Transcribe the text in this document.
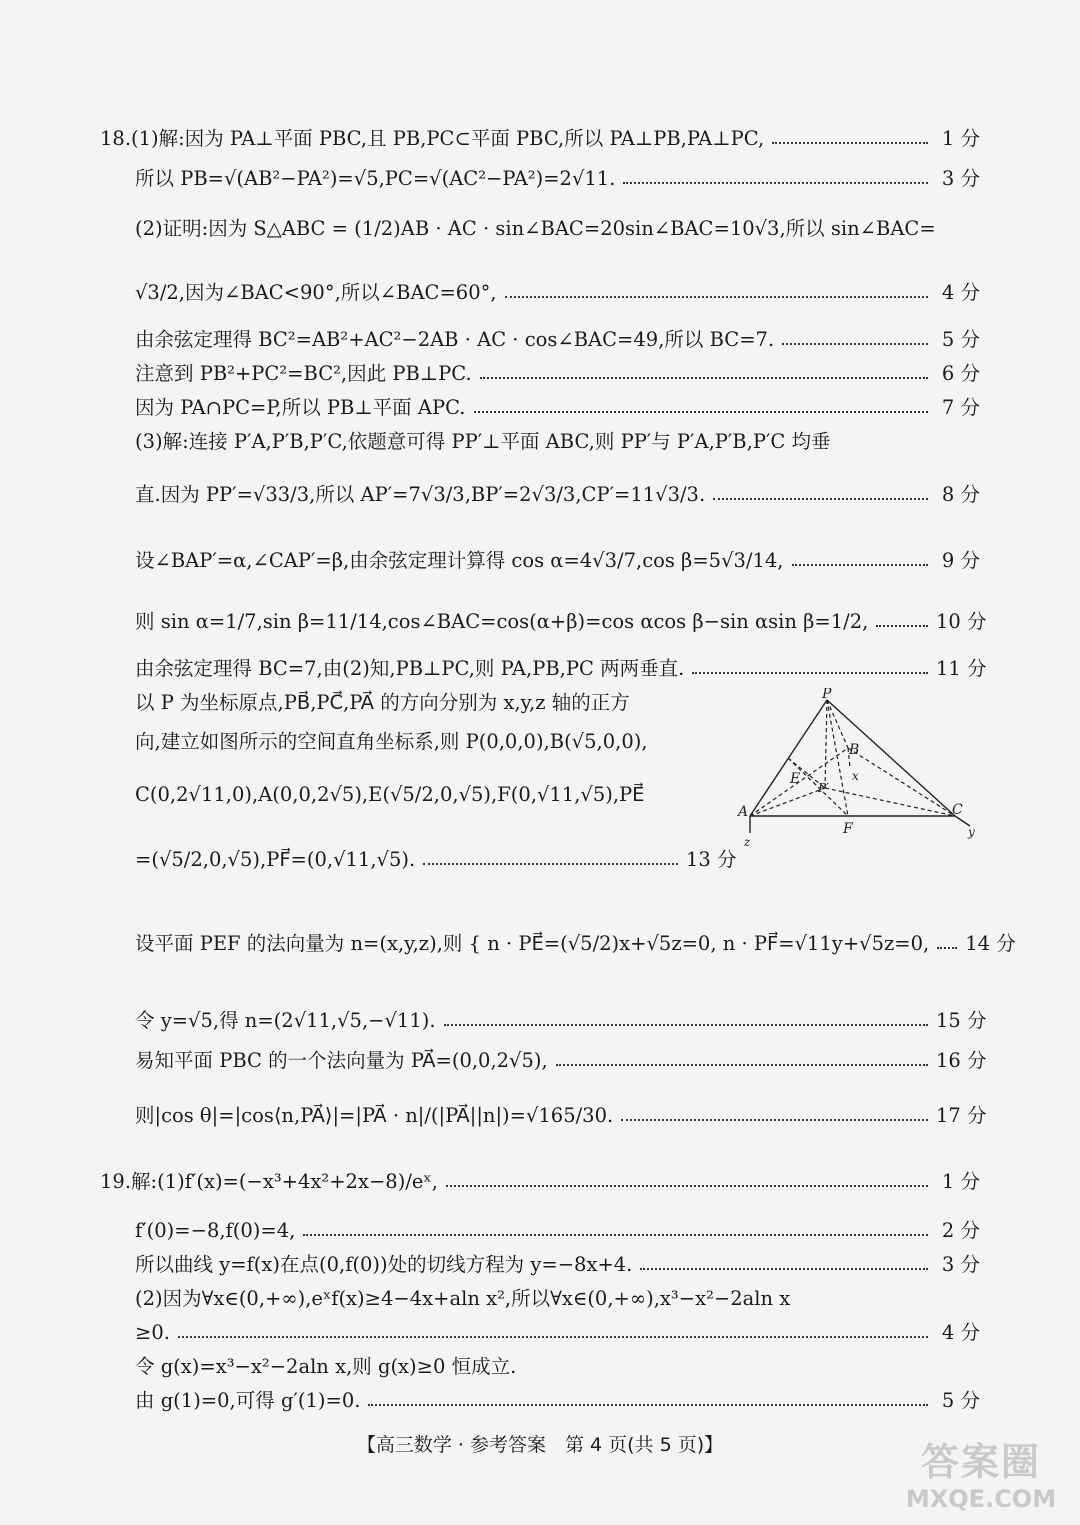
18.(1)解:因为 PA⊥平面 PBC,且 PB,PC⊂平面 PBC,所以 PA⊥PB,PA⊥PC,	1 分
所以 PB=√(AB²−PA²)=√5,PC=√(AC²−PA²)=2√11.	3 分
(2)证明:因为 S△ABC = (1/2)AB · AC · sin∠BAC=20sin∠BAC=10√3,所以 sin∠BAC=
√3/2,因为∠BAC<90°,所以∠BAC=60°,	4 分
由余弦定理得 BC²=AB²+AC²−2AB · AC · cos∠BAC=49,所以 BC=7.	5 分
注意到 PB²+PC²=BC²,因此 PB⊥PC.	6 分
因为 PA∩PC=P,所以 PB⊥平面 APC.	7 分
(3)解:连接 P′A,P′B,P′C,依题意可得 PP′⊥平面 ABC,则 PP′与 P′A,P′B,P′C 均垂
直.因为 PP′=√33/3,所以 AP′=7√3/3,BP′=2√3/3,CP′=11√3/3.	8 分
设∠BAP′=α,∠CAP′=β,由余弦定理计算得 cos α=4√3/7,cos β=5√3/14,	9 分
则 sin α=1/7,sin β=11/14,cos∠BAC=cos(α+β)=cos αcos β−sin αsin β=1/2,	10 分
由余弦定理得 BC=7,由(2)知,PB⊥PC,则 PA,PB,PC 两两垂直.	11 分
以 P 为坐标原点,PB⃗,PC⃗,PA⃗ 的方向分别为 x,y,z 轴的正方
向,建立如图所示的空间直角坐标系,则 P(0,0,0),B(√5,0,0),
C(0,2√11,0),A(0,0,2√5),E(√5/2,0,√5),F(0,√11,√5),PE⃗
=(√5/2,0,√5),PF⃗=(0,√11,√5).	13 分
设平面 PEF 的法向量为 n=(x,y,z),则 { n · PE⃗=(√5/2)x+√5z=0, n · PF⃗=√11y+√5z=0, 14 分
令 y=√5,得 n=(2√11,√5,−√11).	15 分
易知平面 PBC 的一个法向量为 PA⃗=(0,0,2√5),	16 分
则|cos θ|=|cos⟨n,PA⃗⟩|=|PA⃗ · n|/(|PA⃗||n|)=√165/30.	17 分
19.解:(1)f′(x)=(−x³+4x²+2x−8)/eˣ,	1 分
f′(0)=−8,f(0)=4,	2 分
所以曲线 y=f(x)在点(0,f(0))处的切线方程为 y=−8x+4.	3 分
(2)因为∀x∈(0,+∞),eˣf(x)≥4−4x+aln x²,所以∀x∈(0,+∞),x³−x²−2aln x
≥0.	4 分
令 g(x)=x³−x²−2aln x,则 g(x)≥0 恒成立.
由 g(1)=0,可得 g′(1)=0.	5 分
P
A
B
C
E
F
P′
x
y
z
【高三数学 · 参考答案　第 4 页(共 5 页)】	答案圈
MXQE.COM
